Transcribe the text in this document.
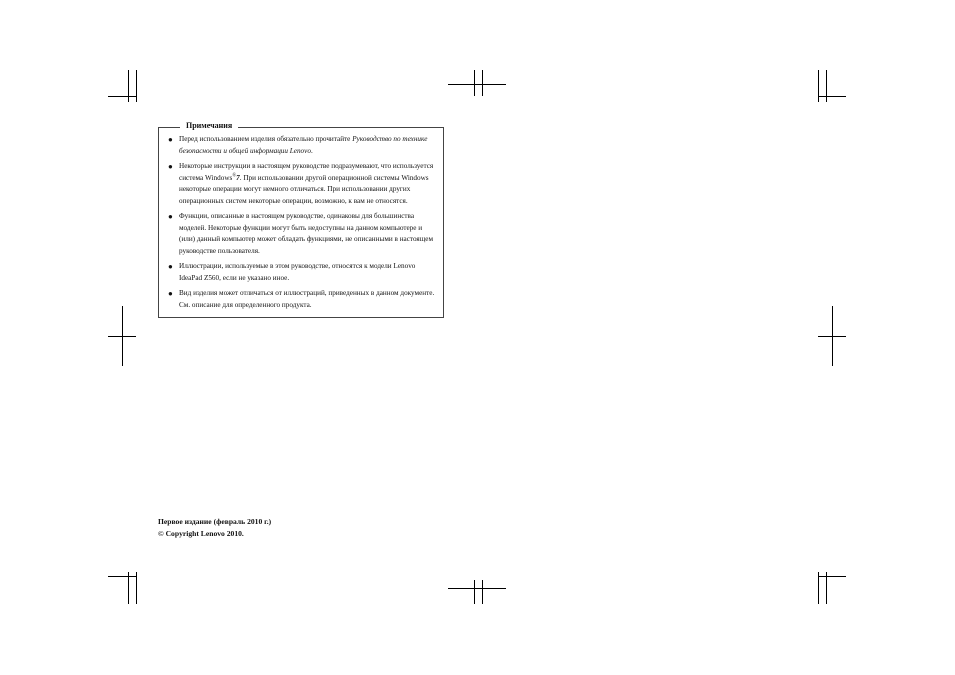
Примечания
● Перед использованием изделия обязательно прочитайте Руководство по технике безопасности и общей информации Lenovo.
● Некоторые инструкции в настоящем руководстве подразумевают, что используется система Windows®7. При использовании другой операционной системы Windows некоторые операции могут немного отличаться. При использовании других операционных систем некоторые операции, возможно, к вам не относятся.
● Функции, описанные в настоящем руководстве, одинаковы для большинства моделей. Некоторые функции могут быть недоступны на данном компьютере и (или) данный компьютер может обладать функциями, не описанными в настоящем руководстве пользователя.
● Иллюстрации, используемые в этом руководстве, относятся к модели Lenovo IdeaPad Z560, если не указано иное.
● Вид изделия может отличаться от иллюстраций, приведенных в данном документе. См. описание для определенного продукта.
Первое издание (февраль 2010 г.)
© Copyright Lenovo 2010.
